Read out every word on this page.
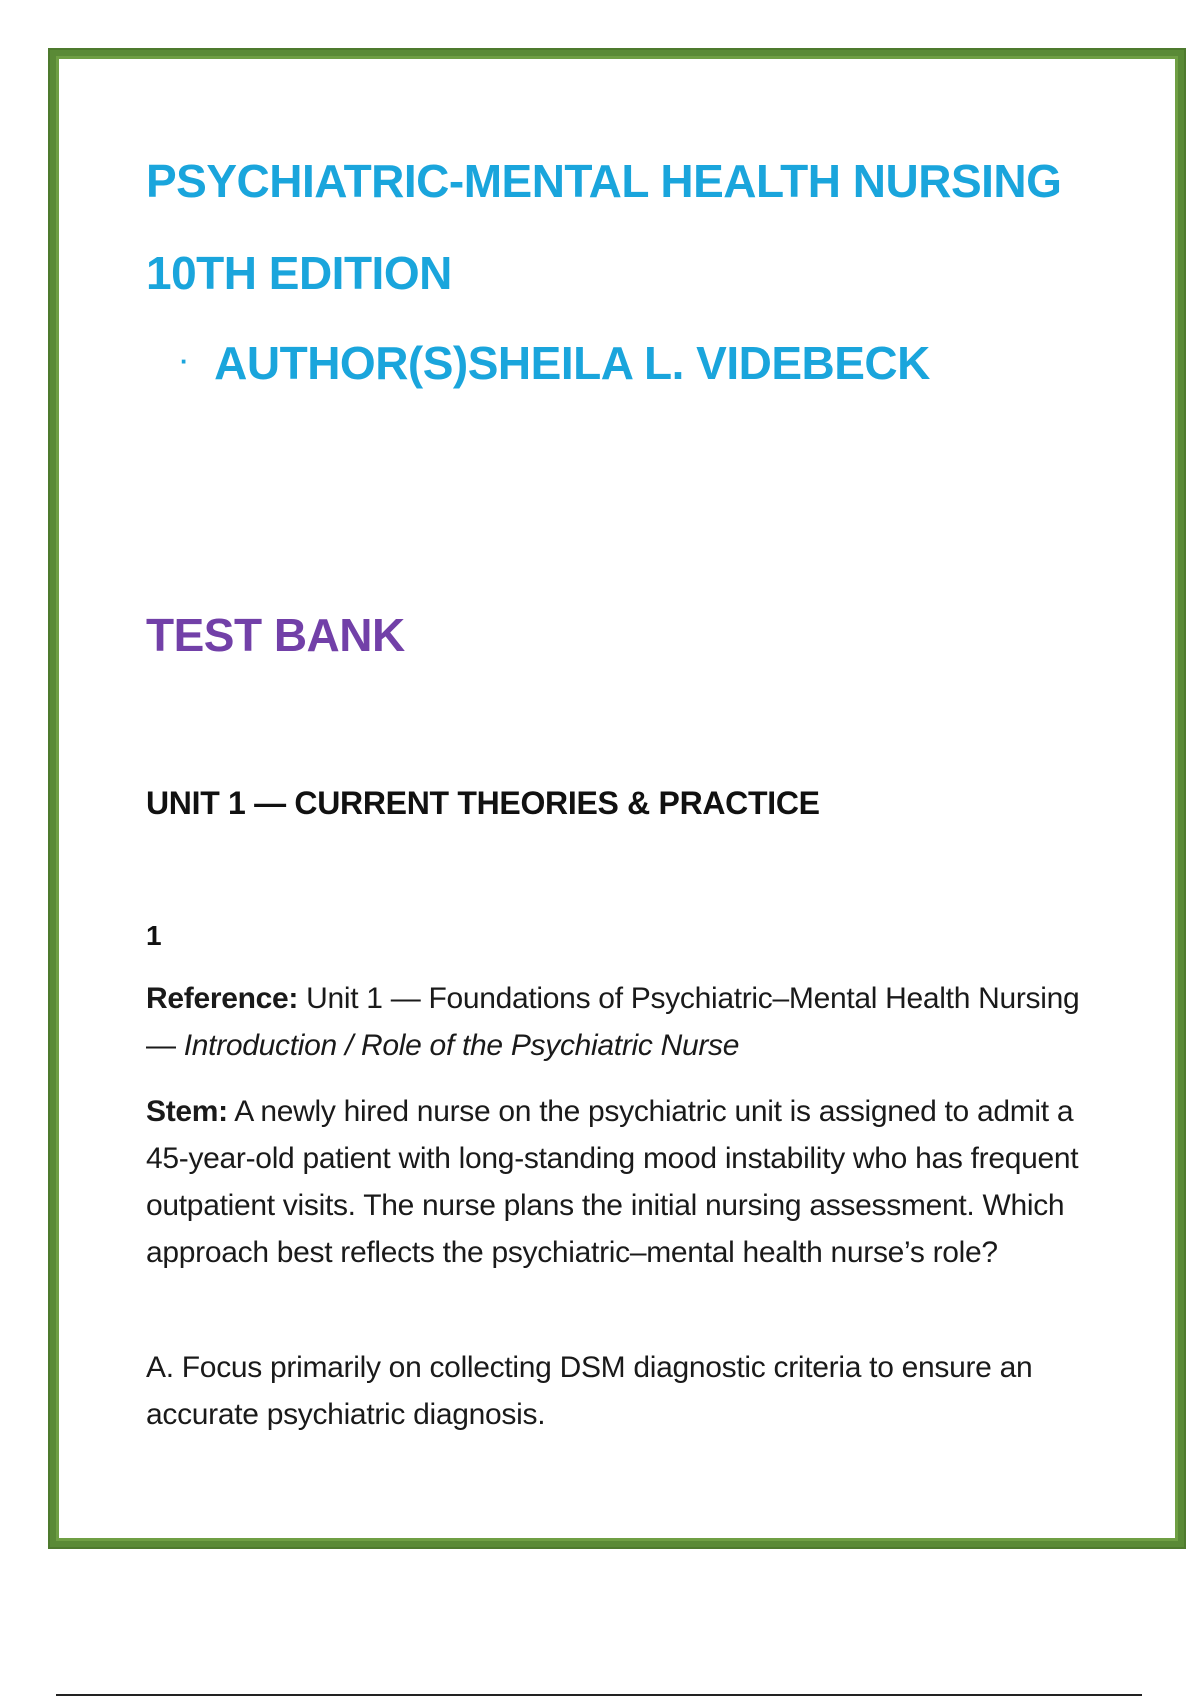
PSYCHIATRIC-MENTAL HEALTH NURSING
10TH EDITION
· AUTHOR(S)SHEILA L. VIDEBECK
TEST BANK
UNIT 1 — CURRENT THEORIES & PRACTICE
1
Reference: Unit 1 — Foundations of Psychiatric–Mental Health Nursing — Introduction / Role of the Psychiatric Nurse
Stem: A newly hired nurse on the psychiatric unit is assigned to admit a 45-year-old patient with long-standing mood instability who has frequent outpatient visits. The nurse plans the initial nursing assessment. Which approach best reflects the psychiatric–mental health nurse’s role?
A. Focus primarily on collecting DSM diagnostic criteria to ensure an accurate psychiatric diagnosis.
